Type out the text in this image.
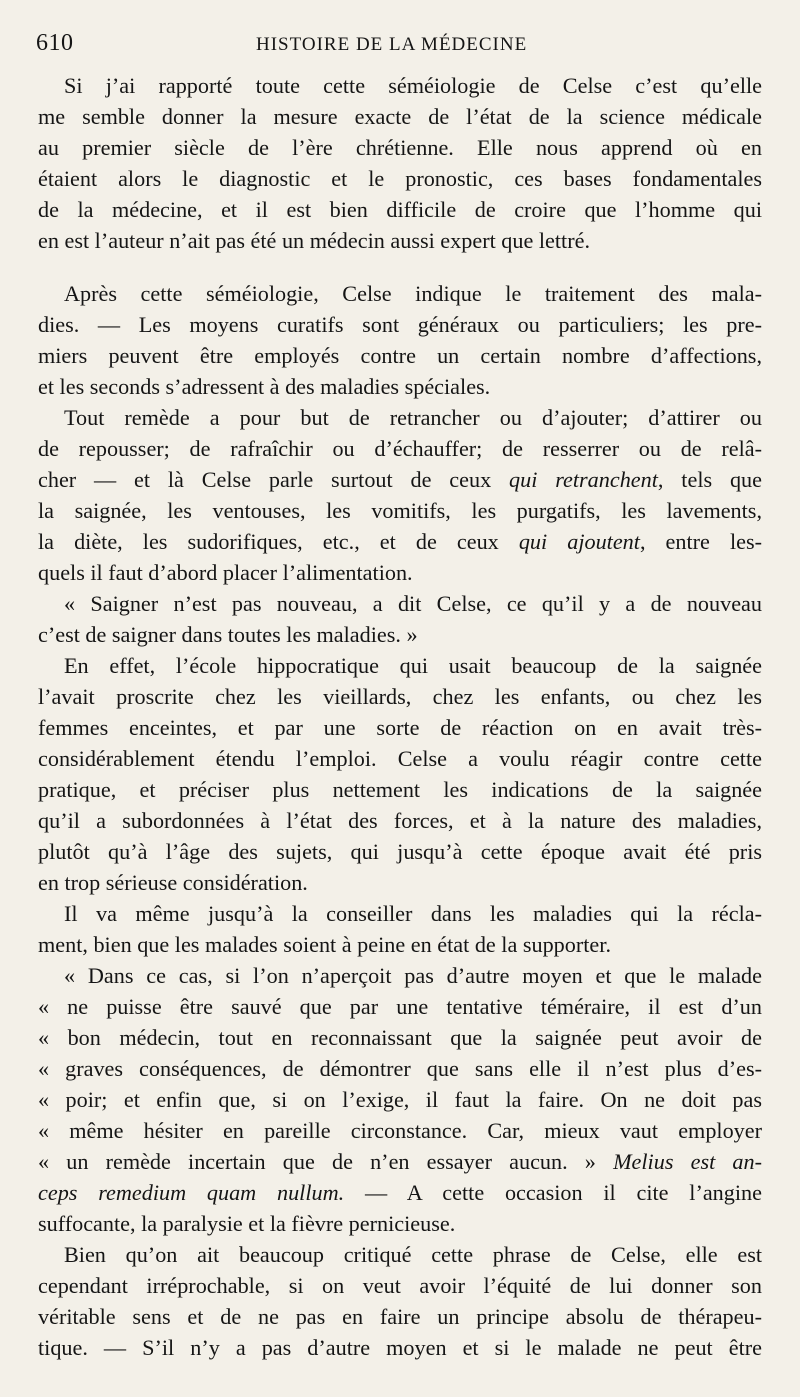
610	HISTOIRE DE LA MÉDECINE
Si j’ai rapporté toute cette séméiologie de Celse c’est qu’elle
me semble donner la mesure exacte de l’état de la science médicale
au premier siècle de l’ère chrétienne. Elle nous apprend où en
étaient alors le diagnostic et le pronostic, ces bases fondamentales
de la médecine, et il est bien difficile de croire que l’homme qui
en est l’auteur n’ait pas été un médecin aussi expert que lettré.
Après cette séméiologie, Celse indique le traitement des mala-
dies. — Les moyens curatifs sont généraux ou particuliers; les pre-
miers peuvent être employés contre un certain nombre d’affections,
et les seconds s’adressent à des maladies spéciales.
Tout remède a pour but de retrancher ou d’ajouter; d’attirer ou
de repousser; de rafraîchir ou d’échauffer; de resserrer ou de relâ-
cher — et là Celse parle surtout de ceux qui retranchent, tels que
la saignée, les ventouses, les vomitifs, les purgatifs, les lavements,
la diète, les sudorifiques, etc., et de ceux qui ajoutent, entre les-
quels il faut d’abord placer l’alimentation.
« Saigner n’est pas nouveau, a dit Celse, ce qu’il y a de nouveau
c’est de saigner dans toutes les maladies. »
En effet, l’école hippocratique qui usait beaucoup de la saignée
l’avait proscrite chez les vieillards, chez les enfants, ou chez les
femmes enceintes, et par une sorte de réaction on en avait très-
considérablement étendu l’emploi. Celse a voulu réagir contre cette
pratique, et préciser plus nettement les indications de la saignée
qu’il a subordonnées à l’état des forces, et à la nature des maladies,
plutôt qu’à l’âge des sujets, qui jusqu’à cette époque avait été pris
en trop sérieuse considération.
Il va même jusqu’à la conseiller dans les maladies qui la récla-
ment, bien que les malades soient à peine en état de la supporter.
« Dans ce cas, si l’on n’aperçoit pas d’autre moyen et que le malade
« ne puisse être sauvé que par une tentative téméraire, il est d’un
« bon médecin, tout en reconnaissant que la saignée peut avoir de
« graves conséquences, de démontrer que sans elle il n’est plus d’es-
« poir; et enfin que, si on l’exige, il faut la faire. On ne doit pas
« même hésiter en pareille circonstance. Car, mieux vaut employer
« un remède incertain que de n’en essayer aucun. » Melius est an-
ceps remedium quam nullum. — A cette occasion il cite l’angine
suffocante, la paralysie et la fièvre pernicieuse.
Bien qu’on ait beaucoup critiqué cette phrase de Celse, elle est
cependant irréprochable, si on veut avoir l’équité de lui donner son
véritable sens et de ne pas en faire un principe absolu de thérapeu-
tique. — S’il n’y a pas d’autre moyen et si le malade ne peut être
